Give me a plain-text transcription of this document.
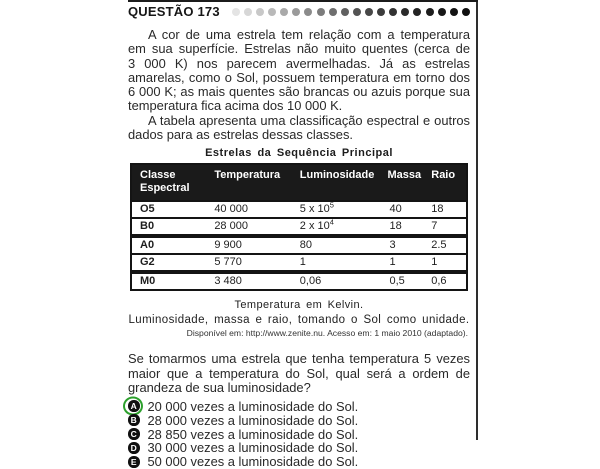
QUESTÃO 173

A cor de uma estrela tem relação com a temperatura em sua superfície. Estrelas não muito quentes (cerca de 3 000 K) nos parecem avermelhadas. Já as estrelas amarelas, como o Sol, possuem temperatura em torno dos 6 000 K; as mais quentes são brancas ou azuis porque sua temperatura fica acima dos 10 000 K.

A tabela apresenta uma classificação espectral e outros dados para as estrelas dessas classes.

Estrelas da Sequência Principal
Classe Espectral	Temperatura	Luminosidade	Massa	Raio
O5	40 000	5 x $10^5$	40	18
B0	28 000	2 x $10^4$	18	7
A0	9 900	80	3	2.5
G2	5 770	1	1	1
M0	3 480	0,06	0,5	0,6
Temperatura em Kelvin.
Luminosidade, massa e raio, tomando o Sol como unidade.
Disponível em: http://www.zenite.nu. Acesso em: 1 maio 2010 (adaptado).

Se tomarmos uma estrela que tenha temperatura 5 vezes maior que a temperatura do Sol, qual será a ordem de grandeza de sua luminosidade?

A 20 000 vezes a luminosidade do Sol.
B 28 000 vezes a luminosidade do Sol.
C 28 850 vezes a luminosidade do Sol.
D 30 000 vezes a luminosidade do Sol.
E 50 000 vezes a luminosidade do Sol.
